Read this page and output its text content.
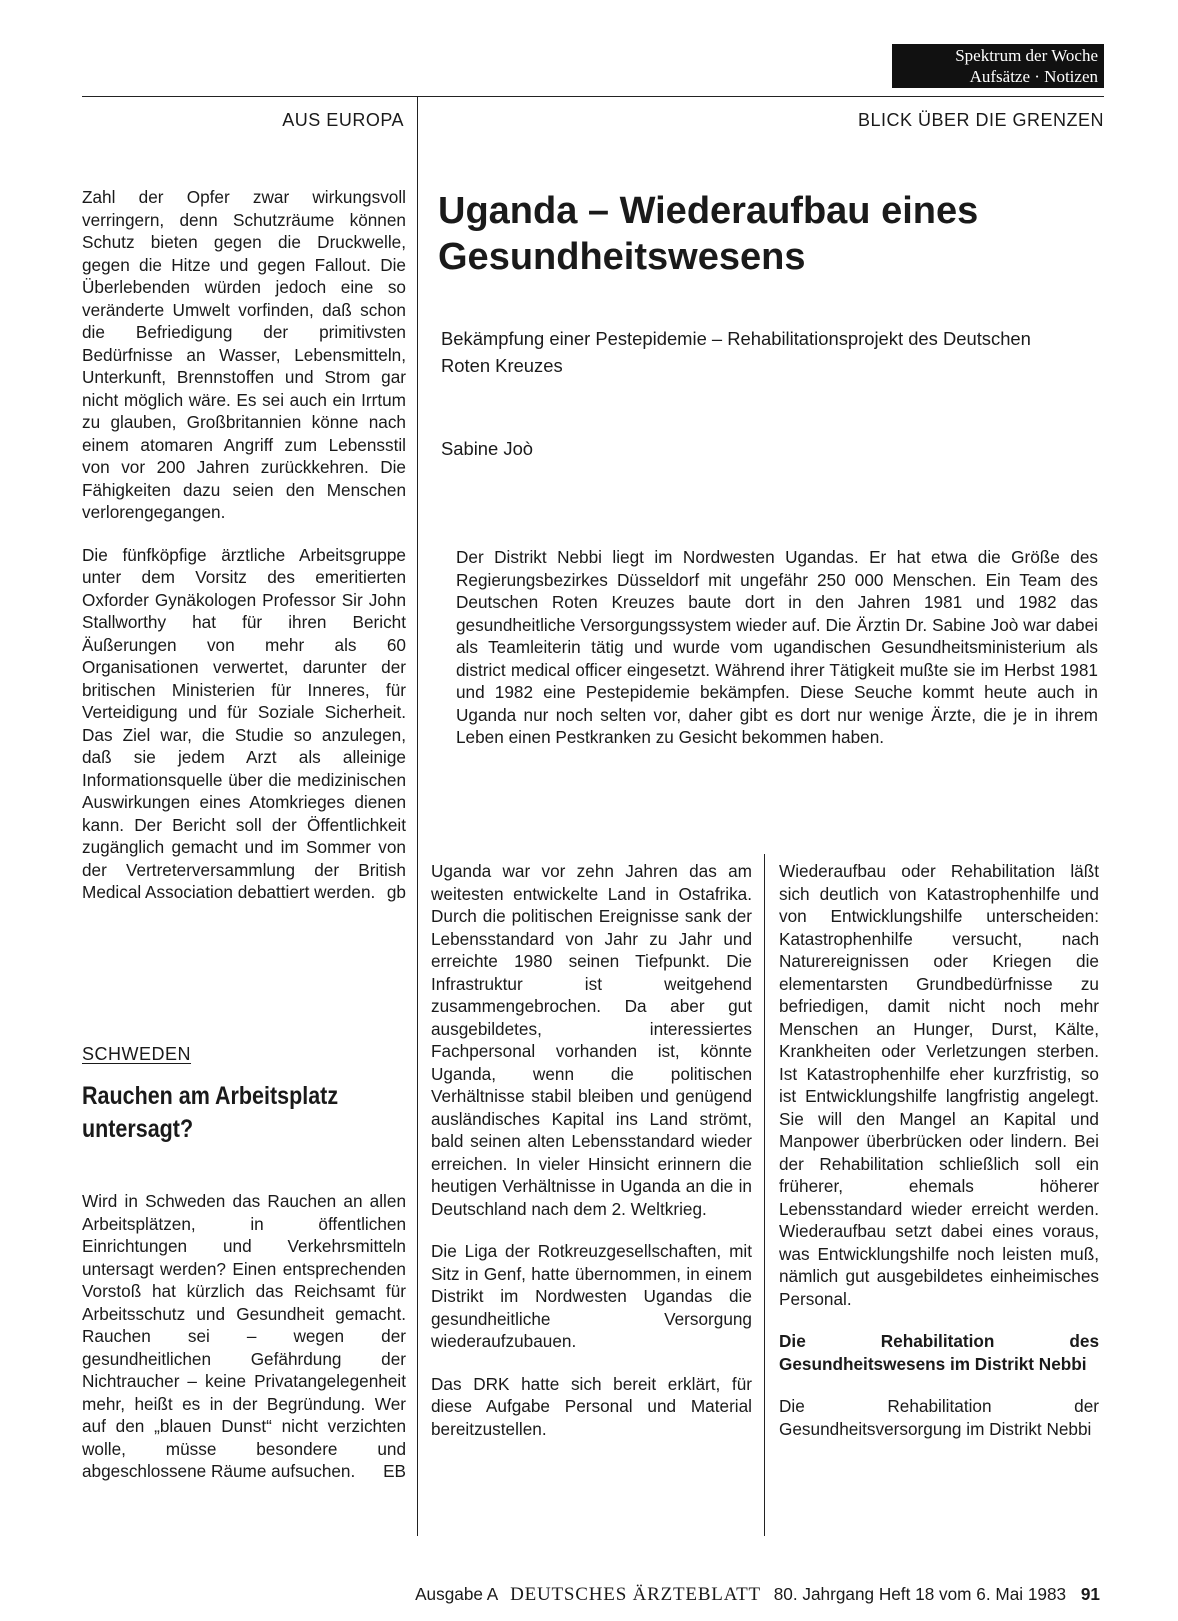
Spektrum der Woche
Aufsätze · Notizen
AUS EUROPA	BLICK ÜBER DIE GRENZEN

Zahl der Opfer zwar wirkungsvoll verringern, denn Schutzräume können Schutz bieten gegen die Druckwelle, gegen die Hitze und gegen Fallout. Die Überlebenden würden jedoch eine so veränderte Umwelt vorfinden, daß schon die Befriedigung der primitivsten Bedürfnisse an Wasser, Lebensmitteln, Unterkunft, Brennstoffen und Strom gar nicht möglich wäre. Es sei auch ein Irrtum zu glauben, Großbritannien könne nach einem atomaren Angriff zum Lebensstil von vor 200 Jahren zurückkehren. Die Fähigkeiten dazu seien den Menschen verlorengegangen.

Die fünfköpfige ärztliche Arbeitsgruppe unter dem Vorsitz des emeritierten Oxforder Gynäkologen Professor Sir John Stallworthy hat für ihren Bericht Äußerungen von mehr als 60 Organisationen verwertet, darunter der britischen Ministerien für Inneres, für Verteidigung und für Soziale Sicherheit. Das Ziel war, die Studie so anzulegen, daß sie jedem Arzt als alleinige Informationsquelle über die medizinischen Auswirkungen eines Atomkrieges dienen kann. Der Bericht soll der Öffentlichkeit zugänglich gemacht und im Sommer von der Vertreterversammlung der British Medical Association debattiert werden. gb

SCHWEDEN
Rauchen am Arbeitsplatz untersagt?

Wird in Schweden das Rauchen an allen Arbeitsplätzen, in öffentlichen Einrichtungen und Verkehrsmitteln untersagt werden? Einen entsprechenden Vorstoß hat kürzlich das Reichsamt für Arbeitsschutz und Gesundheit gemacht. Rauchen sei – wegen der gesundheitlichen Gefährdung der Nichtraucher – keine Privatangelegenheit mehr, heißt es in der Begründung. Wer auf den „blauen Dunst“ nicht verzichten wolle, müsse besondere und abgeschlossene Räume aufsuchen. EB

Uganda – Wiederaufbau eines Gesundheitswesens
Bekämpfung einer Pestepidemie – Rehabilitationsprojekt des Deutschen Roten Kreuzes
Sabine Joò
Der Distrikt Nebbi liegt im Nordwesten Ugandas. Er hat etwa die Größe des Regierungsbezirkes Düsseldorf mit ungefähr 250 000 Menschen. Ein Team des Deutschen Roten Kreuzes baute dort in den Jahren 1981 und 1982 das gesundheitliche Versorgungssystem wieder auf. Die Ärztin Dr. Sabine Joò war dabei als Teamleiterin tätig und wurde vom ugandischen Gesundheitsministerium als district medical officer eingesetzt. Während ihrer Tätigkeit mußte sie im Herbst 1981 und 1982 eine Pestepidemie bekämpfen. Diese Seuche kommt heute auch in Uganda nur noch selten vor, daher gibt es dort nur wenige Ärzte, die je in ihrem Leben einen Pestkranken zu Gesicht bekommen haben.

Uganda war vor zehn Jahren das am weitesten entwickelte Land in Ostafrika. Durch die politischen Ereignisse sank der Lebensstandard von Jahr zu Jahr und erreichte 1980 seinen Tiefpunkt. Die Infrastruktur ist weitgehend zusammengebrochen. Da aber gut ausgebildetes, interessiertes Fachpersonal vorhanden ist, könnte Uganda, wenn die politischen Verhältnisse stabil bleiben und genügend ausländisches Kapital ins Land strömt, bald seinen alten Lebensstandard wieder erreichen. In vieler Hinsicht erinnern die heutigen Verhältnisse in Uganda an die in Deutschland nach dem 2. Weltkrieg.

Die Liga der Rotkreuzgesellschaften, mit Sitz in Genf, hatte übernommen, in einem Distrikt im Nordwesten Ugandas die gesundheitliche Versorgung wiederaufzubauen.

Das DRK hatte sich bereit erklärt, für diese Aufgabe Personal und Material bereitzustellen.

Wiederaufbau oder Rehabilitation läßt sich deutlich von Katastrophenhilfe und von Entwicklungshilfe unterscheiden: Katastrophenhilfe versucht, nach Naturereignissen oder Kriegen die elementarsten Grundbedürfnisse zu befriedigen, damit nicht noch mehr Menschen an Hunger, Durst, Kälte, Krankheiten oder Verletzungen sterben. Ist Katastrophenhilfe eher kurzfristig, so ist Entwicklungshilfe langfristig angelegt. Sie will den Mangel an Kapital und Manpower überbrücken oder lindern. Bei der Rehabilitation schließlich soll ein früherer, ehemals höherer Lebensstandard wieder erreicht werden. Wiederaufbau setzt dabei eines voraus, was Entwicklungshilfe noch leisten muß, nämlich gut ausgebildetes einheimisches Personal.

Die Rehabilitation des Gesundheitswesens im Distrikt Nebbi

Die Rehabilitation der Gesundheitsversorgung im Distrikt Nebbi

Ausgabe A DEUTSCHES ÄRZTEBLATT 80. Jahrgang Heft 18 vom 6. Mai 1983 91
